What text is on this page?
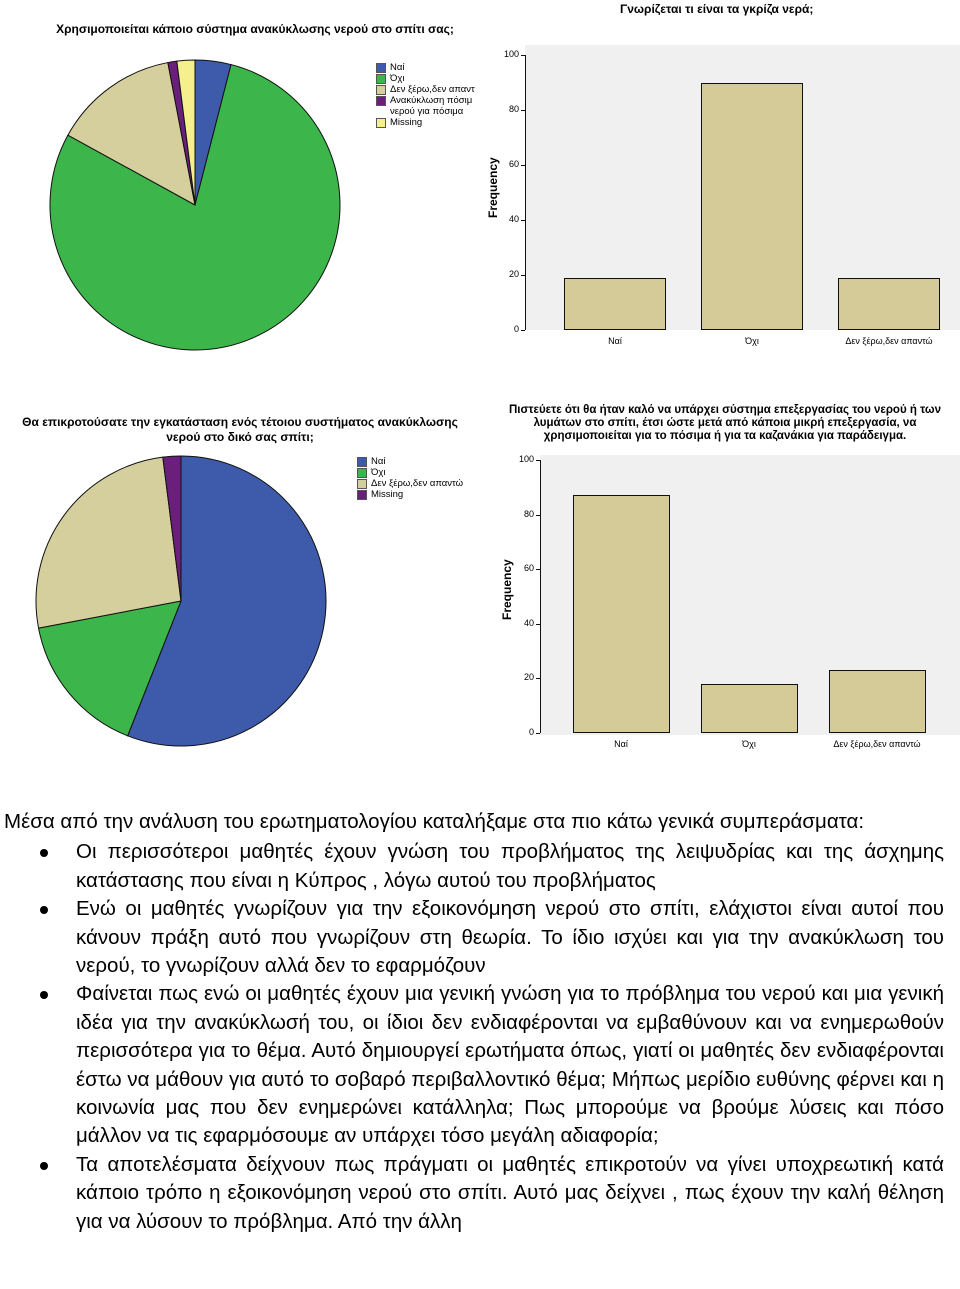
Χρησιμοποιείται κάποιο σύστημα ανακύκλωσης νερού στο σπίτι σας;
Ναί
Όχι
Δεν ξέρω,δεν απαντ
Ανακύκλωση πόσιμ νερού για πόσιμα
Missing
Γνωρίζεται τι είναι τα γκρίζα νερά;
Frequency
0
20
40
60
80
100
Ναί	Όχι	Δεν ξέρω,δεν απαντώ
Θα επικροτούσατε την εγκατάσταση ενός τέτοιου συστήματος ανακύκλωσης νερού στο δικό σας σπίτι;
Ναί
Όχι
Δεν ξέρω,δεν απαντώ
Missing
Πιστεύετε ότι θα ήταν καλό να υπάρχει σύστημα επεξεργασίας του νερού ή των λυμάτων στο σπίτι, έτσι ώστε μετά από κάποια μικρή επεξεργασία, να χρησιμοποιείται για το πόσιμα ή για τα καζανάκια για παράδειγμα.
Frequency
0
20
40
60
80
100
Ναί	Όχι	Δεν ξέρω,δεν απαντώ

Μέσα από την ανάλυση του ερωτηματολογίου καταλήξαμε στα πιο κάτω γενικά συμπεράσματα:

Οι περισσότεροι μαθητές έχουν γνώση του προβλήματος της λειψυδρίας και της άσχημης κατάστασης που είναι η Κύπρος , λόγω αυτού του προβλήματος
Ενώ οι μαθητές γνωρίζουν για την εξοικονόμηση νερού στο σπίτι, ελάχιστοι είναι αυτοί που κάνουν πράξη αυτό που γνωρίζουν στη θεωρία. Το ίδιο ισχύει και για την ανακύκλωση του νερού, το γνωρίζουν αλλά δεν το εφαρμόζουν
Φαίνεται πως ενώ οι μαθητές έχουν μια γενική γνώση για το πρόβλημα του νερού και μια γενική ιδέα για την ανακύκλωσή του, οι ίδιοι δεν ενδιαφέρονται να εμβαθύνουν και να ενημερωθούν περισσότερα για το θέμα. Αυτό δημιουργεί ερωτήματα όπως, γιατί οι μαθητές δεν ενδιαφέρονται έστω να μάθουν για αυτό το σοβαρό περιβαλλοντικό θέμα; Μήπως μερίδιο ευθύνης φέρνει και η κοινωνία μας που δεν ενημερώνει κατάλληλα; Πως μπορούμε να βρούμε λύσεις και πόσο μάλλον να τις εφαρμόσουμε αν υπάρχει τόσο μεγάλη αδιαφορία;
Τα αποτελέσματα δείχνουν πως πράγματι οι μαθητές επικροτούν να γίνει υποχρεωτική κατά κάποιο τρόπο η εξοικονόμηση νερού στο σπίτι. Αυτό μας δείχνει , πως έχουν την καλή θέληση για να λύσουν το πρόβλημα. Από την άλλη
